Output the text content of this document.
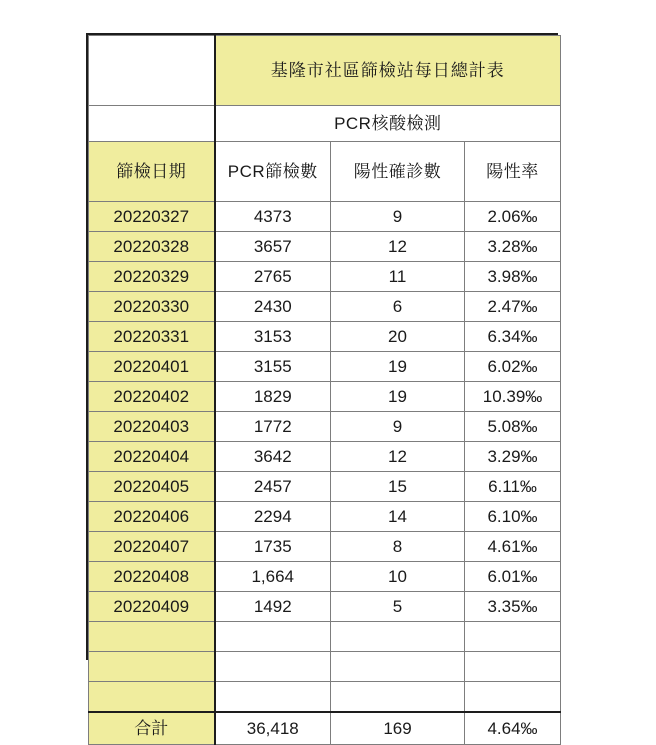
	基隆市社區篩檢站每日總計表		
	PCR核酸檢測		
篩檢日期	PCR篩檢數	陽性確診數	陽性率
20220327	4373	9	2.06‰
20220328	3657	12	3.28‰
20220329	2765	11	3.98‰
20220330	2430	6	2.47‰
20220331	3153	20	6.34‰
20220401	3155	19	6.02‰
20220402	1829	19	10.39‰
20220403	1772	9	5.08‰
20220404	3642	12	3.29‰
20220405	2457	15	6.11‰
20220406	2294	14	6.10‰
20220407	1735	8	4.61‰
20220408	1,664	10	6.01‰
20220409	1492	5	3.35‰

合計	36,418	169	4.64‰
